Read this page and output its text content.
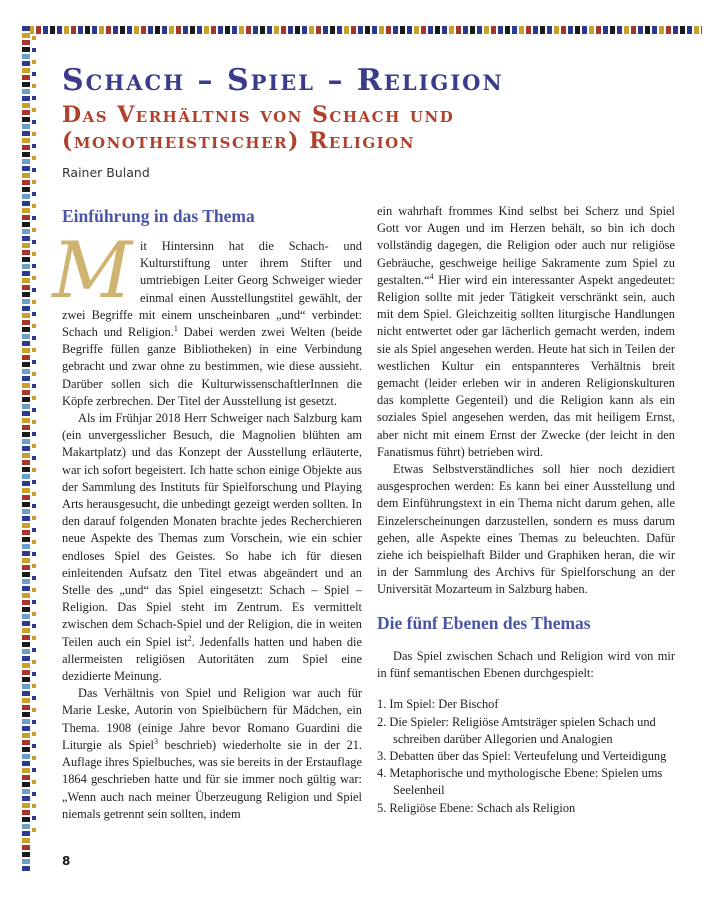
Schach – Spiel – Religion
Das Verhältnis von Schach und
(monotheistischer) Religion
Rainer Buland
Einführung in das Thema

Mit Hintersinn hat die Schach- und Kulturstiftung unter ihrem Stifter und umtriebigen Leiter Georg Schweiger wieder einmal einen Ausstellungstitel gewählt, der zwei Begriffe mit einem unscheinbaren „und“ verbindet: Schach und Religion.$^1$ Dabei werden zwei Welten (beide Begriffe füllen ganze Bibliotheken) in eine Verbindung gebracht und zwar ohne zu bestimmen, wie diese aussieht. Darüber sollen sich die KulturwissenschaftlerInnen die Köpfe zerbrechen. Der Titel der Ausstellung ist gesetzt.

Als im Frühjar 2018 Herr Schweiger nach Salzburg kam (ein unvergesslicher Besuch, die Magnolien blühten am Makartplatz) und das Konzept der Ausstellung erläuterte, war ich sofort begeistert. Ich hatte schon einige Objekte aus der Sammlung des Instituts für Spielforschung und Playing Arts herausgesucht, die unbedingt gezeigt werden sollten. In den darauf folgenden Monaten brachte jedes Recherchieren neue Aspekte des Themas zum Vorschein, wie ein schier endloses Spiel des Geistes. So habe ich für diesen einleitenden Aufsatz den Titel etwas abgeändert und an Stelle des „und“ das Spiel eingesetzt: Schach – Spiel – Religion. Das Spiel steht im Zentrum. Es vermittelt zwischen dem Schach-Spiel und der Religion, die in weiten Teilen auch ein Spiel ist$^2$. Jedenfalls hatten und haben die allermeisten religiösen Autoritäten zum Spiel eine dezidierte Meinung.

Das Verhältnis von Spiel und Religion war auch für Marie Leske, Autorin von Spielbüchern für Mädchen, ein Thema. 1908 (einige Jahre bevor Romano Guardini die Liturgie als Spiel$^3$ beschrieb) wiederholte sie in der 21. Auflage ihres Spielbuches, was sie bereits in der Erstauflage 1864 geschrieben hatte und für sie immer noch gültig war: „Wenn auch nach meiner Überzeugung Religion und Spiel niemals getrennt sein sollten, indem

ein wahrhaft frommes Kind selbst bei Scherz und Spiel Gott vor Augen und im Herzen behält, so bin ich doch vollständig dagegen, die Religion oder auch nur religiöse Gebräuche, geschweige heilige Sakramente zum Spiel zu gestalten.“$^4$ Hier wird ein interessanter Aspekt angedeutet: Religion sollte mit jeder Tätigkeit verschränkt sein, auch mit dem Spiel. Gleichzeitig sollten liturgische Handlungen nicht entwertet oder gar lächerlich gemacht werden, indem sie als Spiel angesehen werden. Heute hat sich in Teilen der westlichen Kultur ein entspannteres Verhältnis breit gemacht (leider erleben wir in anderen Religionskulturen das komplette Gegenteil) und die Religion kann als ein soziales Spiel angesehen werden, das mit heiligem Ernst, aber nicht mit einem Ernst der Zwecke (der leicht in den Fanatismus führt) betrieben wird.

Etwas Selbstverständliches soll hier noch dezidiert ausgesprochen werden: Es kann bei einer Ausstellung und dem Einführungstext in ein Thema nicht darum gehen, alle Einzelerscheinungen darzustellen, sondern es muss darum gehen, alle Aspekte eines Themas zu beleuchten. Dafür ziehe ich beispielhaft Bilder und Graphiken heran, die wir in der Sammlung des Archivs für Spielforschung an der Universität Mozarteum in Salzburg haben.

Die fünf Ebenen des Themas

Das Spiel zwischen Schach und Religion wird von mir in fünf semantischen Ebenen durchgespielt:

1. Im Spiel: Der Bischof
2. Die Spieler: Religiöse Amtsträger spielen Schach und schreiben darüber Allegorien und Analogien
3. Debatten über das Spiel: Verteufelung und Verteidigung
4. Metaphorische und mythologische Ebene: Spielen ums Seelenheil
5. Religiöse Ebene: Schach als Religion
8
